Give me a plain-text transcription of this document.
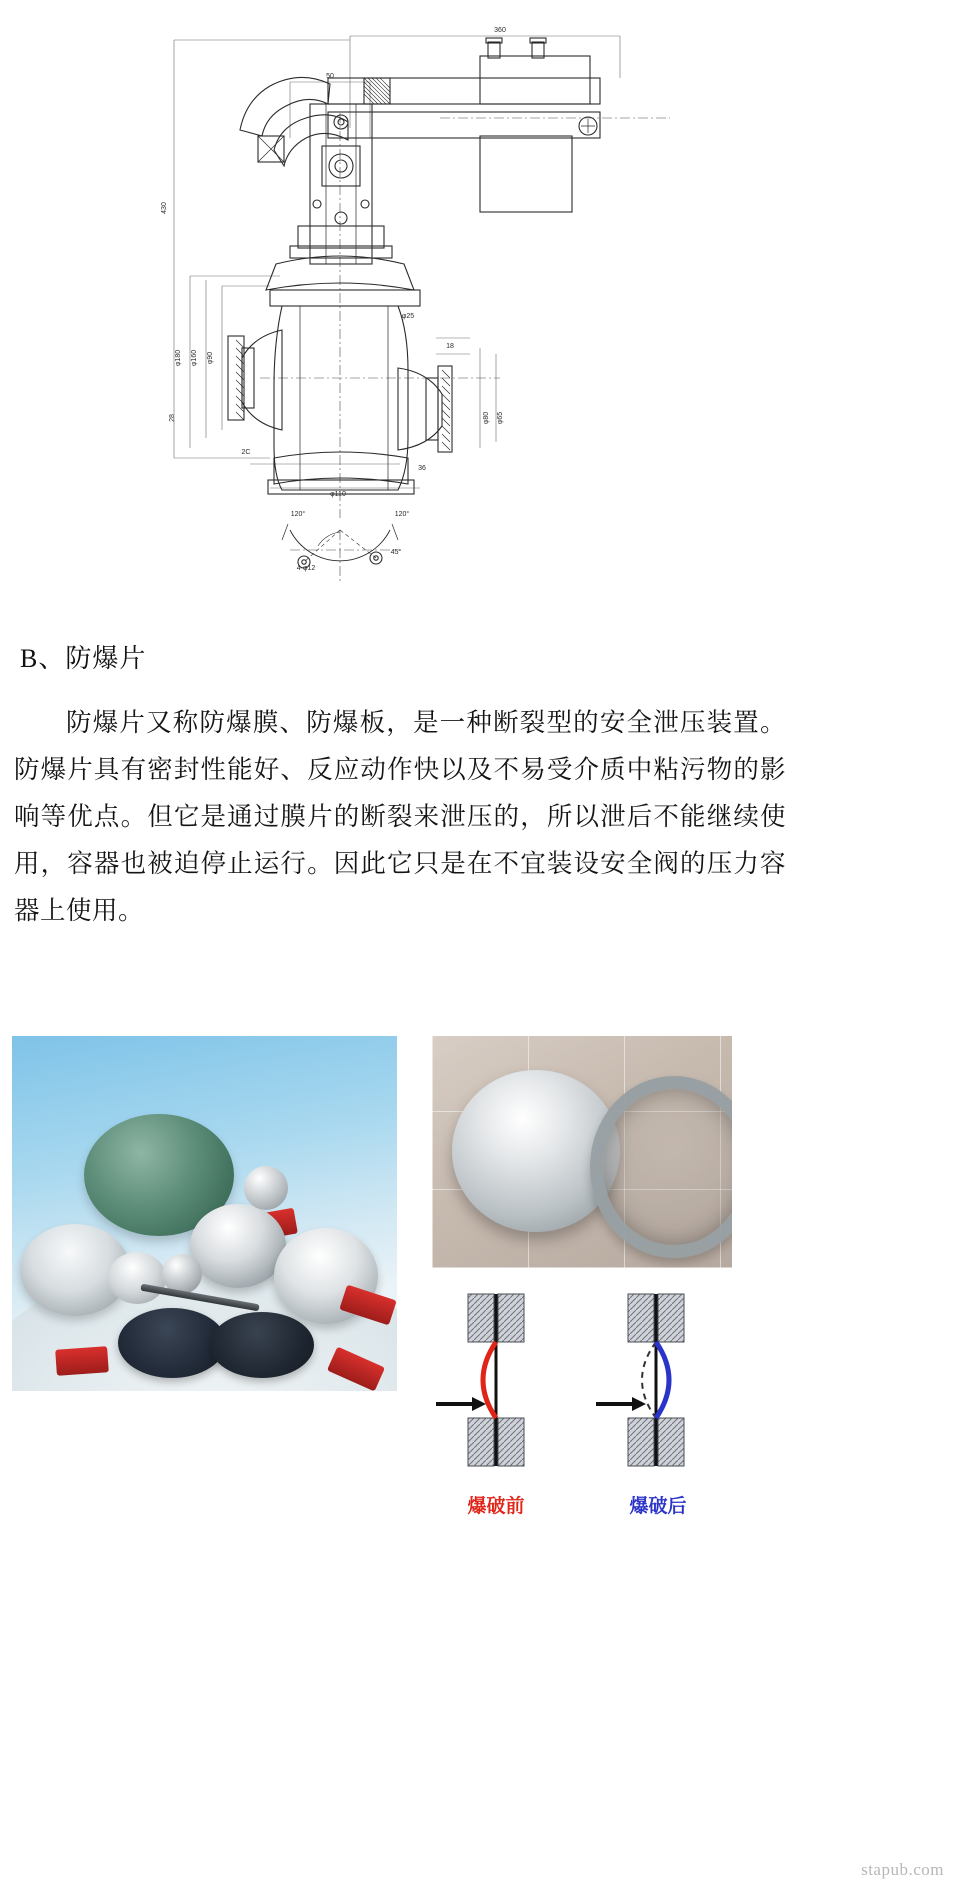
360
50
430
φ180 φ160 φ90
28
2C
φ110
36
φ80 φ65
18
φ25
120°	120°
4-φ12
45°
B、防爆片
防爆片又称防爆膜、防爆板，是一种断裂型的安全泄压装置。防爆片具有密封性能好、反应动作快以及不易受介质中粘污物的影响等优点。但它是通过膜片的断裂来泄压的，所以泄后不能继续使用，容器也被迫停止运行。因此它只是在不宜装设安全阀的压力容器上使用。
爆破前	爆破后
stapub.com
